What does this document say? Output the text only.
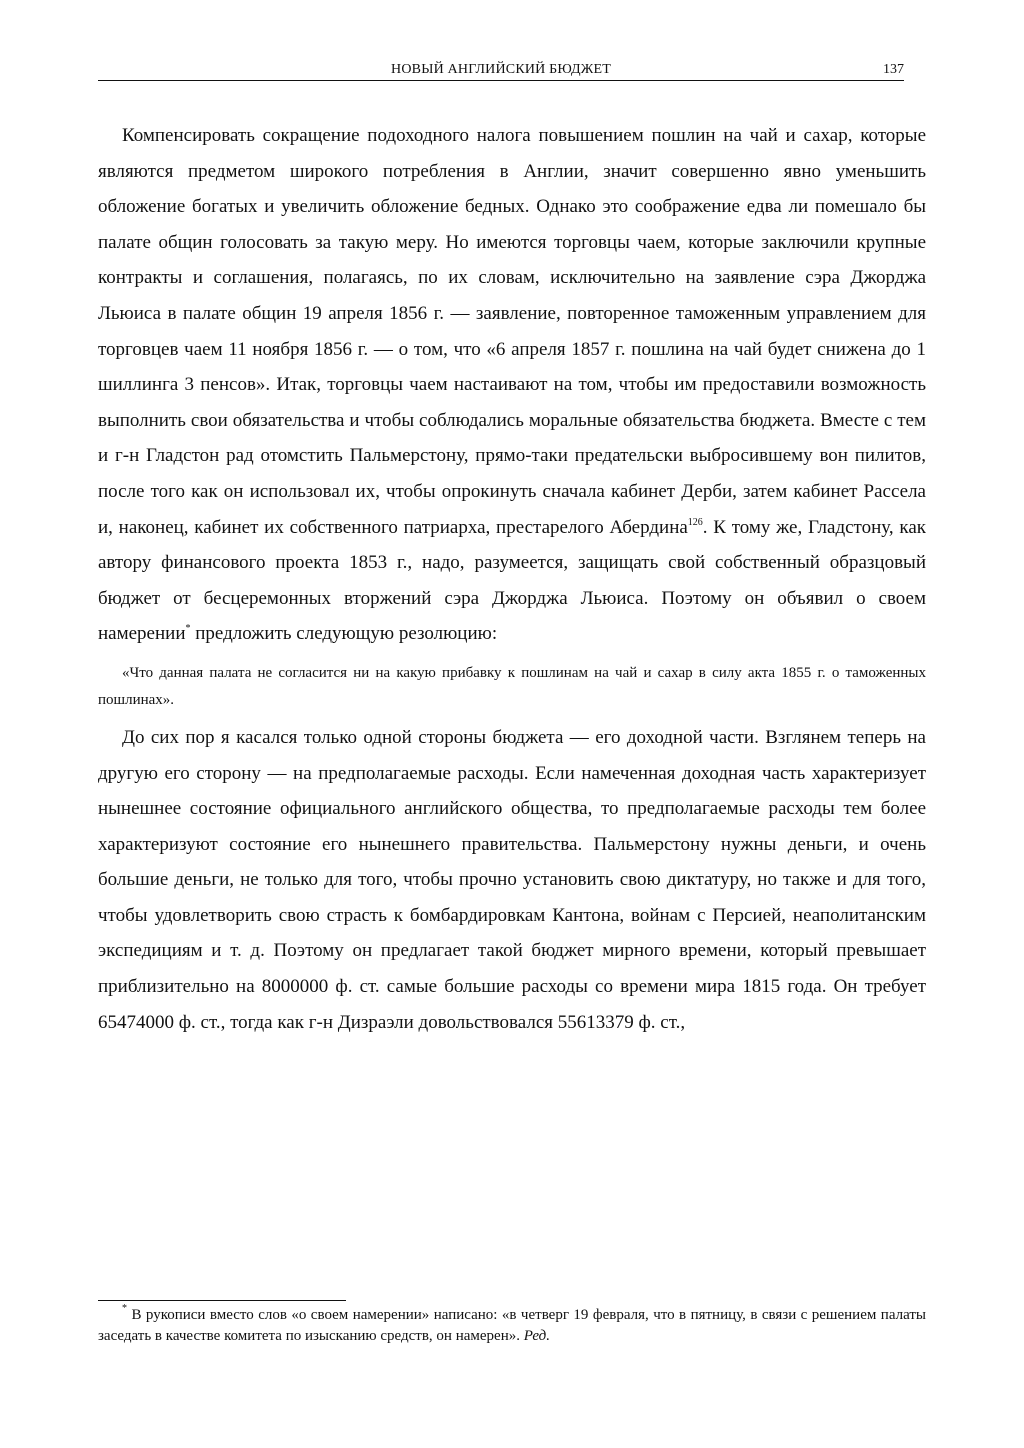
НОВЫЙ АНГЛИЙСКИЙ БЮДЖЕТ	137

Компенсировать сокращение подоходного налога повышением пошлин на чай и сахар, которые являются предметом широкого потребления в Англии, значит совершенно явно уменьшить обложение богатых и увеличить обложение бедных. Однако это соображение едва ли помешало бы палате общин голосовать за такую меру. Но имеются торговцы чаем, которые заключили крупные контракты и соглашения, полагаясь, по их словам, исключительно на заявление сэра Джорджа Льюиса в палате общин 19 апреля 1856 г. — заявление, повторенное таможенным управлением для торговцев чаем 11 ноября 1856 г. — о том, что «6 апреля 1857 г. пошлина на чай будет снижена до 1 шиллинга 3 пенсов». Итак, торговцы чаем настаивают на том, чтобы им предоставили возможность выполнить свои обязательства и чтобы соблюдались моральные обязательства бюджета. Вместе с тем и г-н Гладстон рад отомстить Пальмерстону, прямо-таки предательски выбросившему вон пилитов, после того как он использовал их, чтобы опрокинуть сначала кабинет Дерби, затем кабинет Рассела и, наконец, кабинет их собственного патриарха, престарелого Абердина$^{126}$. К тому же, Гладстону, как автору финансового проекта 1853 г., надо, разумеется, защищать свой собственный образцовый бюджет от бесцеремонных вторжений сэра Джорджа Льюиса. Поэтому он объявил о своем намерении* предложить следующую резолюцию:

«Что данная палата не согласится ни на какую прибавку к пошлинам на чай и сахар в силу акта 1855 г. о таможенных пошлинах».

До сих пор я касался только одной стороны бюджета — его доходной части. Взглянем теперь на другую его сторону — на предполагаемые расходы. Если намеченная доходная часть характеризует нынешнее состояние официального английского общества, то предполагаемые расходы тем более характеризуют состояние его нынешнего правительства. Пальмерстону нужны деньги, и очень большие деньги, не только для того, чтобы прочно установить свою диктатуру, но также и для того, чтобы удовлетворить свою страсть к бомбардировкам Кантона, войнам с Персией, неаполитанским экспедициям и т. д. Поэтому он предлагает такой бюджет мирного времени, который превышает приблизительно на 8000000 ф. ст. самые большие расходы со времени мира 1815 года. Он требует 65474000 ф. ст., тогда как г-н Дизраэли довольствовался 55613379 ф. ст.,

* В рукописи вместо слов «о своем намерении» написано: «в четверг 19 февраля, что в пятницу, в связи с решением палаты заседать в качестве комитета по изысканию средств, он намерен». Ред.
